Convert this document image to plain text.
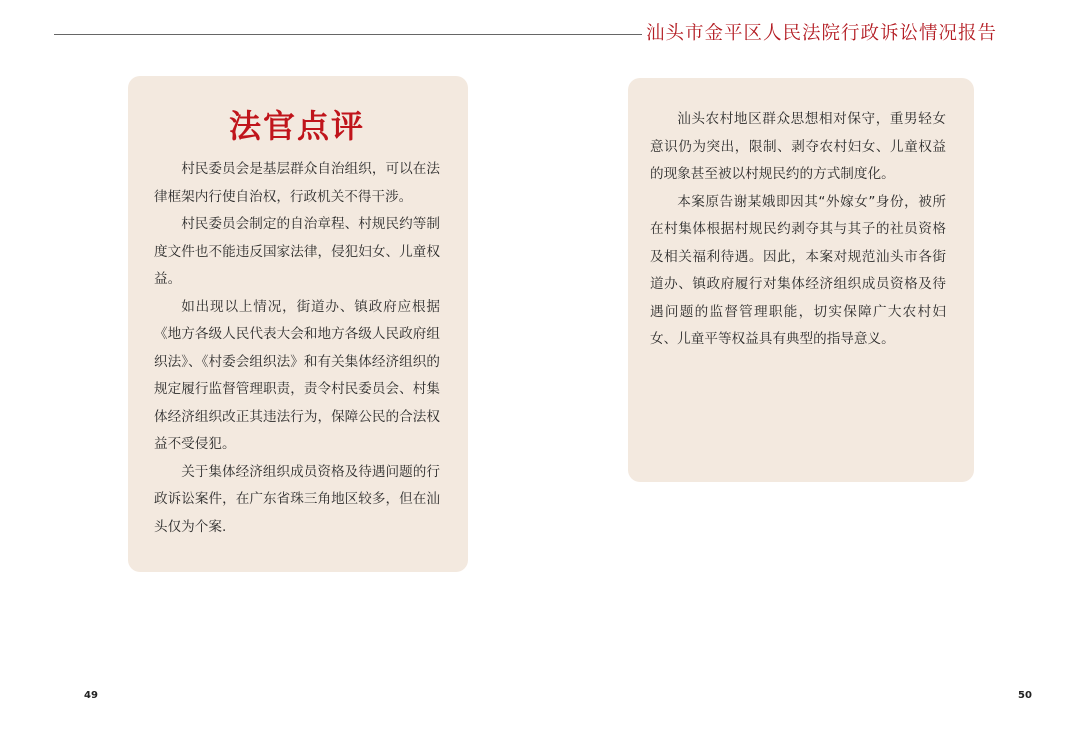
汕头市金平区人民法院行政诉讼情况报告
法官点评

村民委员会是基层群众自治组织，可以在法律框架内行使自治权，行政机关不得干涉。

村民委员会制定的自治章程、村规民约等制度文件也不能违反国家法律，侵犯妇女、儿童权益。

如出现以上情况，街道办、镇政府应根据《地方各级人民代表大会和地方各级人民政府组织法》、《村委会组织法》和有关集体经济组织的规定履行监督管理职责，责令村民委员会、村集体经济组织改正其违法行为，保障公民的合法权益不受侵犯。

关于集体经济组织成员资格及待遇问题的行政诉讼案件，在广东省珠三角地区较多，但在汕头仅为个案.

汕头农村地区群众思想相对保守，重男轻女意识仍为突出，限制、剥夺农村妇女、儿童权益的现象甚至被以村规民约的方式制度化。

本案原告谢某娥即因其“外嫁女”身份，被所在村集体根据村规民约剥夺其与其子的社员资格及相关福利待遇。因此，本案对规范汕头市各街道办、镇政府履行对集体经济组织成员资格及待遇问题的监督管理职能，切实保障广大农村妇女、儿童平等权益具有典型的指导意义。

49	50
